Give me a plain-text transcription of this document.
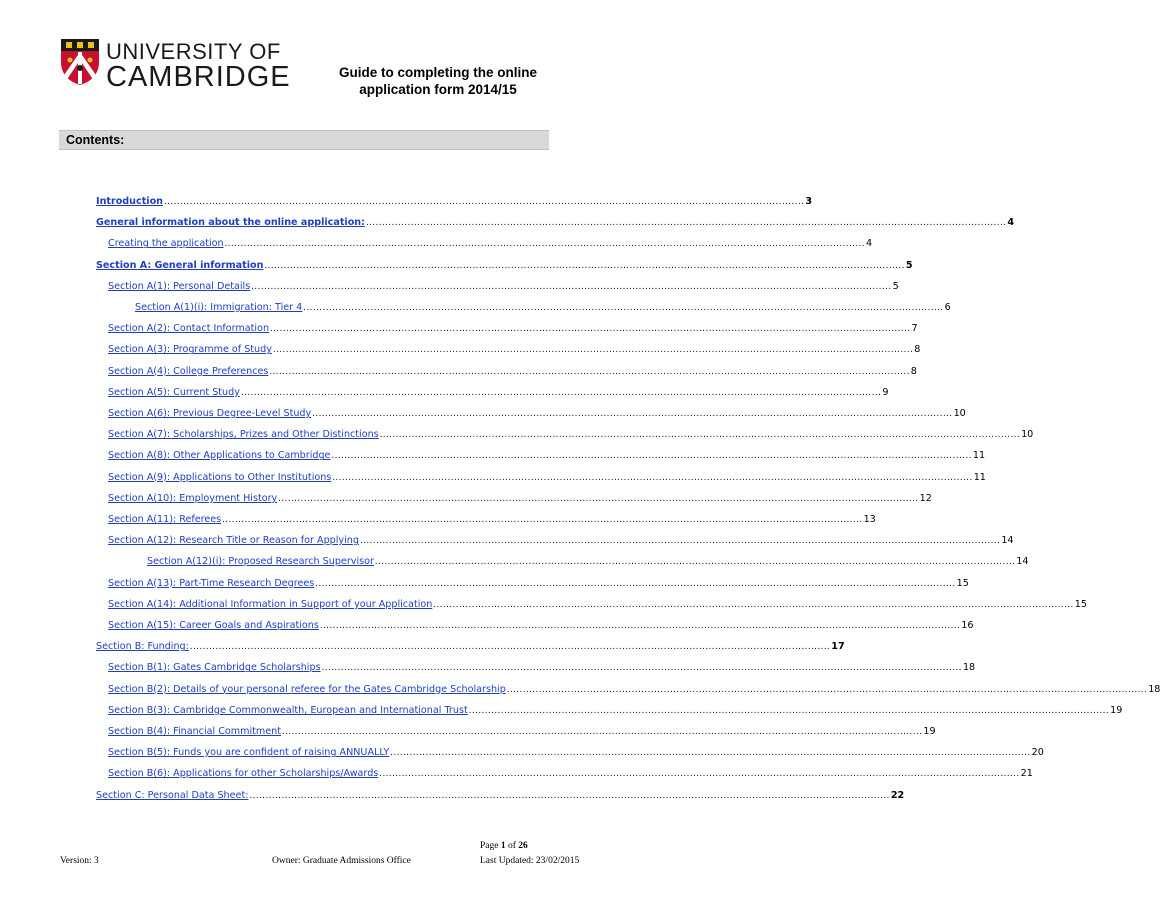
UNIVERSITY OF
CAMBRIDGE	Guide to completing the online
application form 2014/15
Contents:
Introduction ........................................................................................................................................................................................................ 3
General information about the online application: ........................................................................................................................................................................................................ 4
Creating the application ........................................................................................................................................................................................................ 4
Section A: General information ........................................................................................................................................................................................................ 5
Section A(1): Personal Details ........................................................................................................................................................................................................ 5
Section A(1)(i): Immigration: Tier 4 ........................................................................................................................................................................................................ 6
Section A(2): Contact Information ........................................................................................................................................................................................................ 7
Section A(3): Programme of Study ........................................................................................................................................................................................................ 8
Section A(4): College Preferences ........................................................................................................................................................................................................ 8
Section A(5): Current Study ........................................................................................................................................................................................................ 9
Section A(6): Previous Degree-Level Study ........................................................................................................................................................................................................ 10
Section A(7): Scholarships, Prizes and Other Distinctions ........................................................................................................................................................................................................ 10
Section A(8): Other Applications to Cambridge ........................................................................................................................................................................................................ 11
Section A(9): Applications to Other Institutions ........................................................................................................................................................................................................ 11
Section A(10): Employment History ........................................................................................................................................................................................................ 12
Section A(11): Referees ........................................................................................................................................................................................................ 13
Section A(12): Research Title or Reason for Applying ........................................................................................................................................................................................................ 14
Section A(12)(i): Proposed Research Supervisor ........................................................................................................................................................................................................ 14
Section A(13): Part-Time Research Degrees ........................................................................................................................................................................................................ 15
Section A(14): Additional Information in Support of your Application ........................................................................................................................................................................................................ 15
Section A(15): Career Goals and Aspirations ........................................................................................................................................................................................................ 16
Section B: Funding: ........................................................................................................................................................................................................ 17
Section B(1): Gates Cambridge Scholarships ........................................................................................................................................................................................................ 18
Section B(2): Details of your personal referee for the Gates Cambridge Scholarship ........................................................................................................................................................................................................ 18
Section B(3): Cambridge Commonwealth, European and International Trust ........................................................................................................................................................................................................ 19
Section B(4): Financial Commitment ........................................................................................................................................................................................................ 19
Section B(5): Funds you are confident of raising ANNUALLY ........................................................................................................................................................................................................ 20
Section B(6): Applications for other Scholarships/Awards ........................................................................................................................................................................................................ 21
Section C: Personal Data Sheet: ........................................................................................................................................................................................................ 22
Page 1 of 26
Version: 3	Owner: Graduate Admissions Office	Last Updated: 23/02/2015
